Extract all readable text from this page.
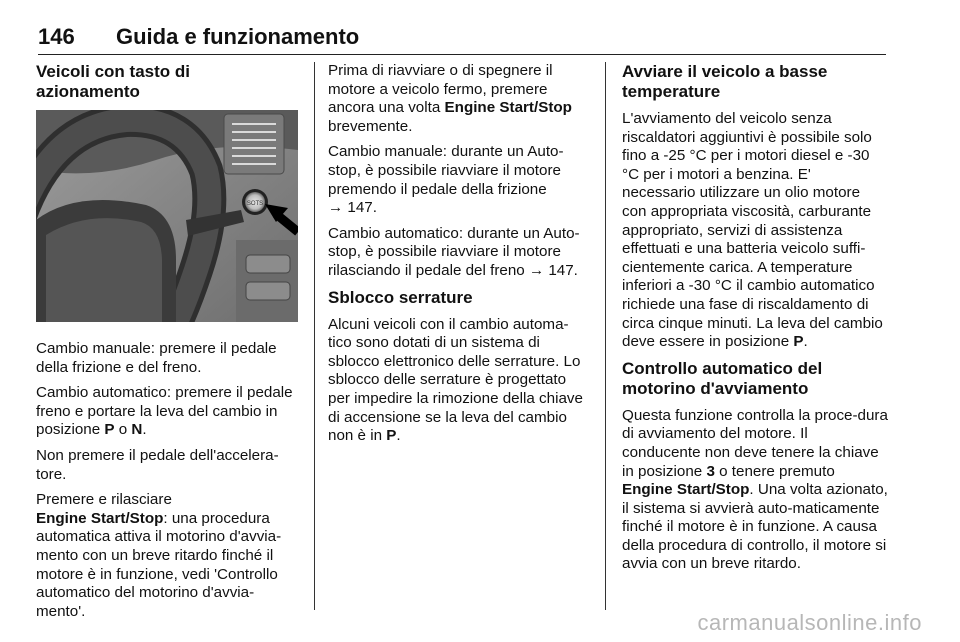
146 Guida e funzionamento
Veicoli con tasto di azionamento
SOTS

Cambio manuale: premere il pedale della frizione e del freno.

Cambio automatico: premere il pedale freno e portare la leva del cambio in posizione P o N.

Non premere il pedale dell'accelera-tore.

Premere e rilasciare
Engine Start/Stop: una procedura automatica attiva il motorino d'avvia-mento con un breve ritardo finché il motore è in funzione, vedi 'Controllo automatico del motorino d'avvia-mento'.

Prima di riavviare o di spegnere il motore a veicolo fermo, premere ancora una volta Engine Start/Stop brevemente.

Cambio manuale: durante un Auto-stop, è possibile riavviare il motore premendo il pedale della frizione
→ 147.

Cambio automatico: durante un Auto-stop, è possibile riavviare il motore rilasciando il pedale del freno → 147.

Sblocco serrature

Alcuni veicoli con il cambio automa-tico sono dotati di un sistema di sblocco elettronico delle serrature. Lo sblocco delle serrature è progettato per impedire la rimozione della chiave di accensione se la leva del cambio non è in P.

Avviare il veicolo a basse temperature

L'avviamento del veicolo senza riscaldatori aggiuntivi è possibile solo fino a -25 °C per i motori diesel e -30 °C per i motori a benzina. E' necessario utilizzare un olio motore con appropriata viscosità, carburante appropriato, servizi di assistenza effettuati e una batteria veicolo suffi-cientemente carica. A temperature inferiori a -30 °C il cambio automatico richiede una fase di riscaldamento di circa cinque minuti. La leva del cambio deve essere in posizione P.

Controllo automatico del motorino d'avviamento

Questa funzione controlla la proce-dura di avviamento del motore. Il conducente non deve tenere la chiave in posizione 3 o tenere premuto Engine Start/Stop. Una volta azionato, il sistema si avvierà auto-maticamente finché il motore è in funzione. A causa della procedura di controllo, il motore si avvia con un breve ritardo.

carmanualsonline.info
